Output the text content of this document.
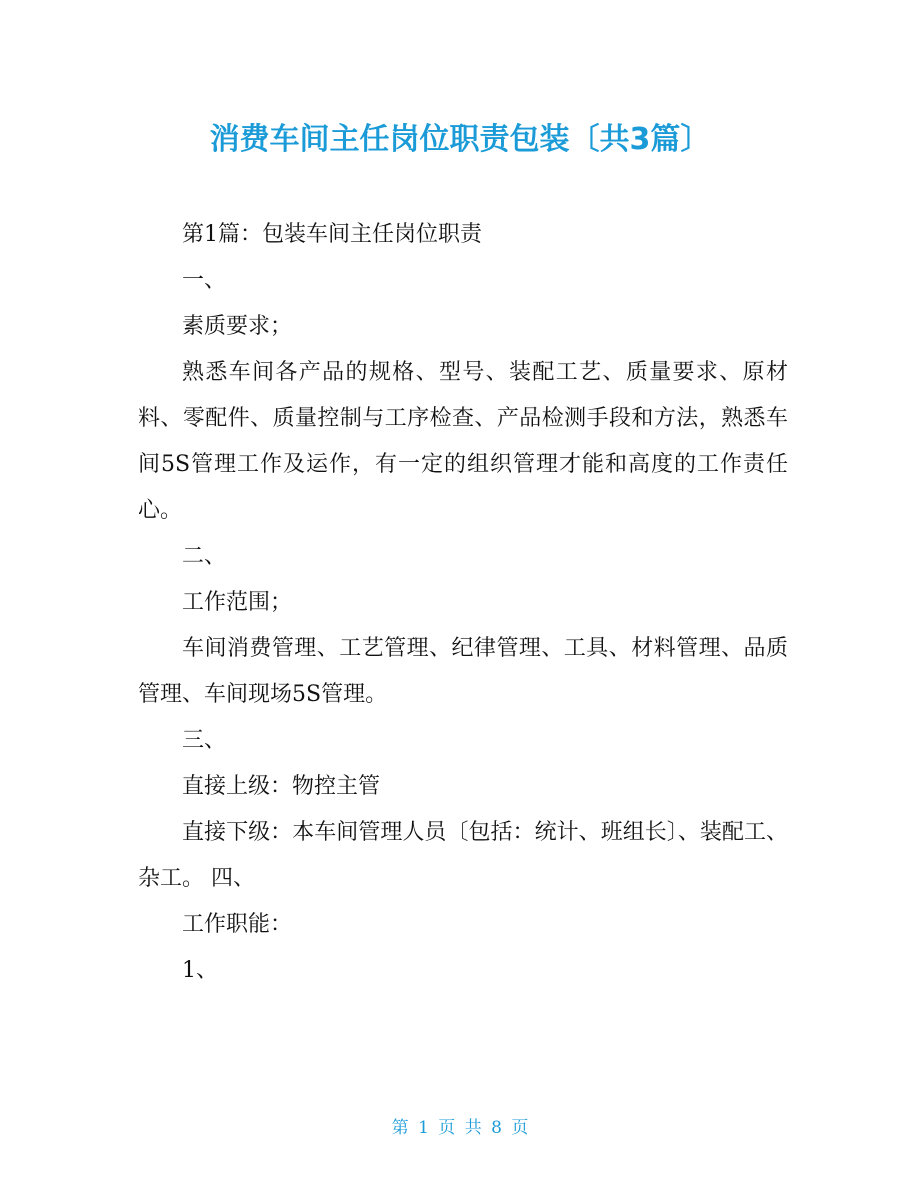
消费车间主任岗位职责包装〔共3篇〕

第1篇：包装车间主任岗位职责

一、

素质要求；

熟悉车间各产品的规格、型号、装配工艺、质量要求、原材料、零配件、质量控制与工序检查、产品检测手段和方法，熟悉车间5S管理工作及运作，有一定的组织管理才能和高度的工作责任心。

二、

工作范围；

车间消费管理、工艺管理、纪律管理、工具、材料管理、品质管理、车间现场5S管理。

三、

直接上级：物控主管

直接下级：本车间管理人员〔包括：统计、班组长〕、装配工、杂工。 四、

工作职能：

1、

第 1 页 共 8 页
